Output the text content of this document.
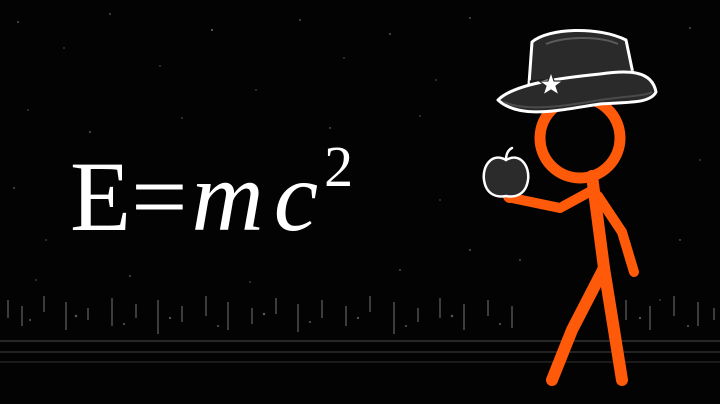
E=mc 2
